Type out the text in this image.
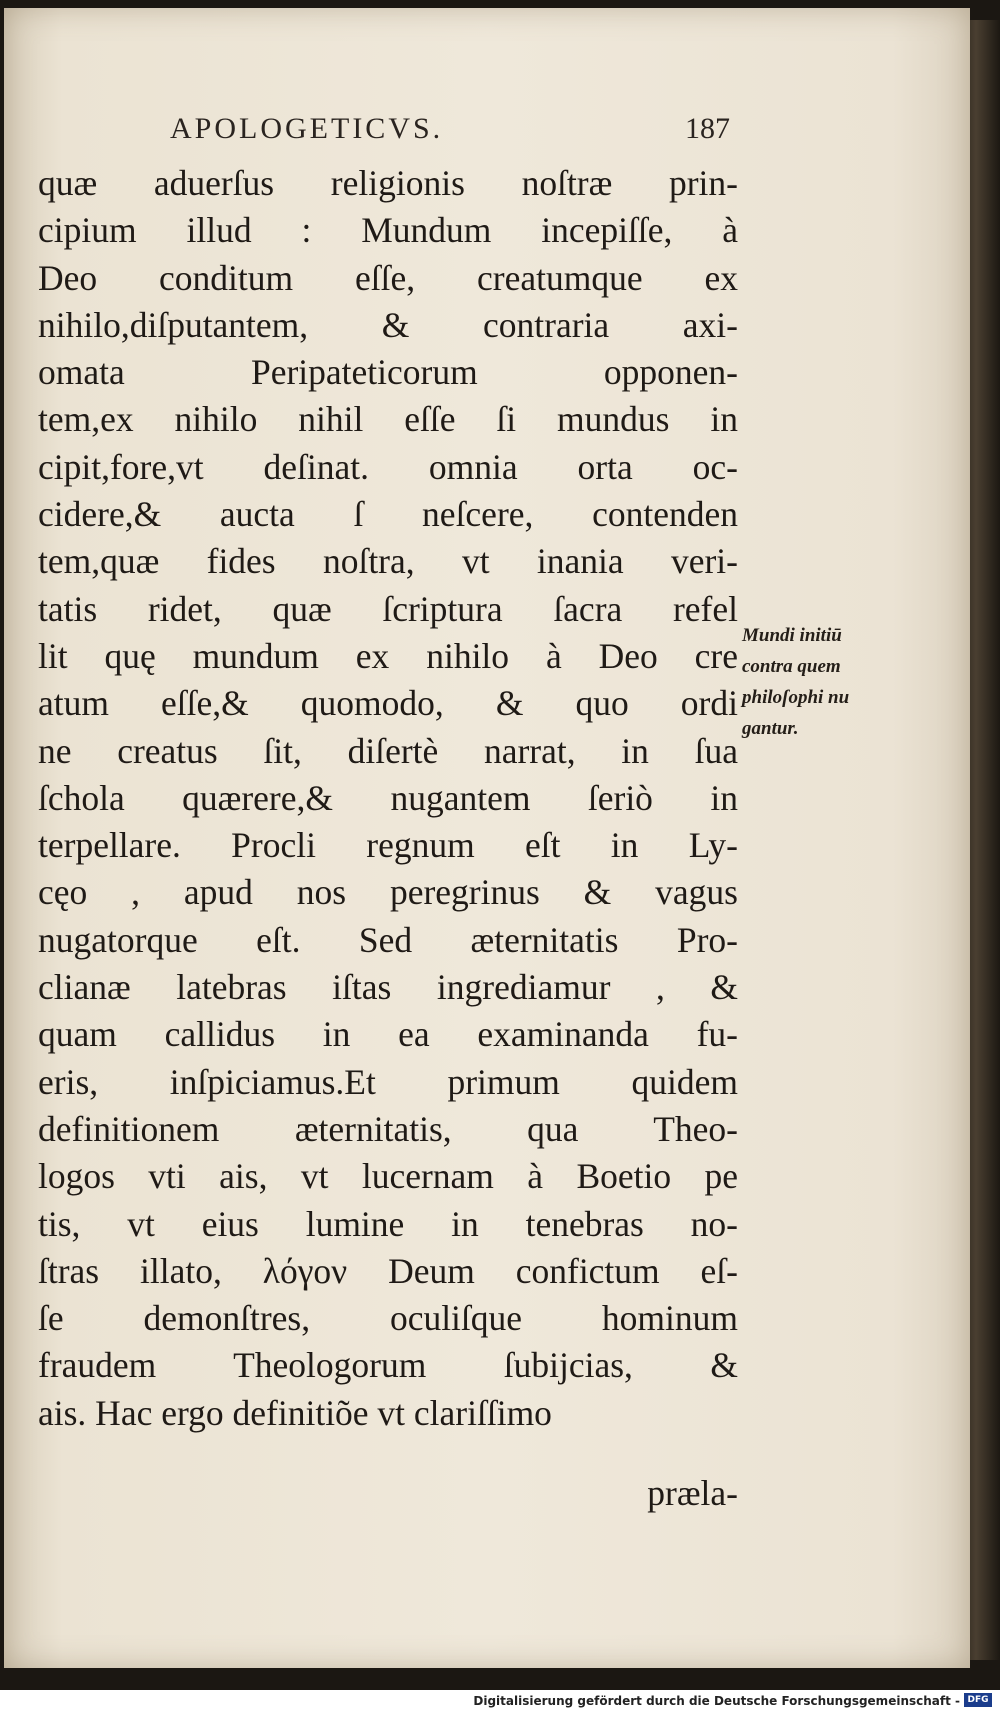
APOLOGETICVS.	187
quæ aduerſus religionis noſtræ prin-
cipium illud : Mundum incepiſſe, à
Deo conditum eſſe, creatumque ex
nihilo,diſputantem, & contraria axi-
omata Peripateticorum opponen-
tem,ex nihilo nihil eſſe ſi mundus in
cipit,fore,vt deſinat. omnia orta oc-
cidere,& aucta ſ neſcere, contenden
tem,quæ fides noſtra, vt inania veri-
tatis ridet, quæ ſcriptura ſacra refel
lit quę mundum ex nihilo à Deo cre
atum eſſe,& quomodo, & quo ordi
ne creatus ſit, diſertè narrat, in ſua
ſchola quærere,& nugantem ſeriò in
terpellare. Procli regnum eſt in Ly-
cęo , apud nos peregrinus & vagus
nugatorque eſt. Sed æternitatis Pro-
clianæ latebras iſtas ingrediamur , &
quam callidus in ea examinanda fu-
eris, inſpiciamus.Et primum quidem
definitionem æternitatis, qua Theo-
logos vti ais, vt lucernam à Boetio pe
tis, vt eius lumine in tenebras no-
ſtras illato, λόγον Deum confictum eſ-
ſe demonſtres, oculiſque hominum
fraudem Theologorum ſubijcias, &
ais. Hac ergo definitiõe vt clariſſimo
præla-
Mundi initiū
contra quem
philoſophi nu
gantur.
Digitalisierung gefördert durch die Deutsche Forschungsgemeinschaft - DFG
